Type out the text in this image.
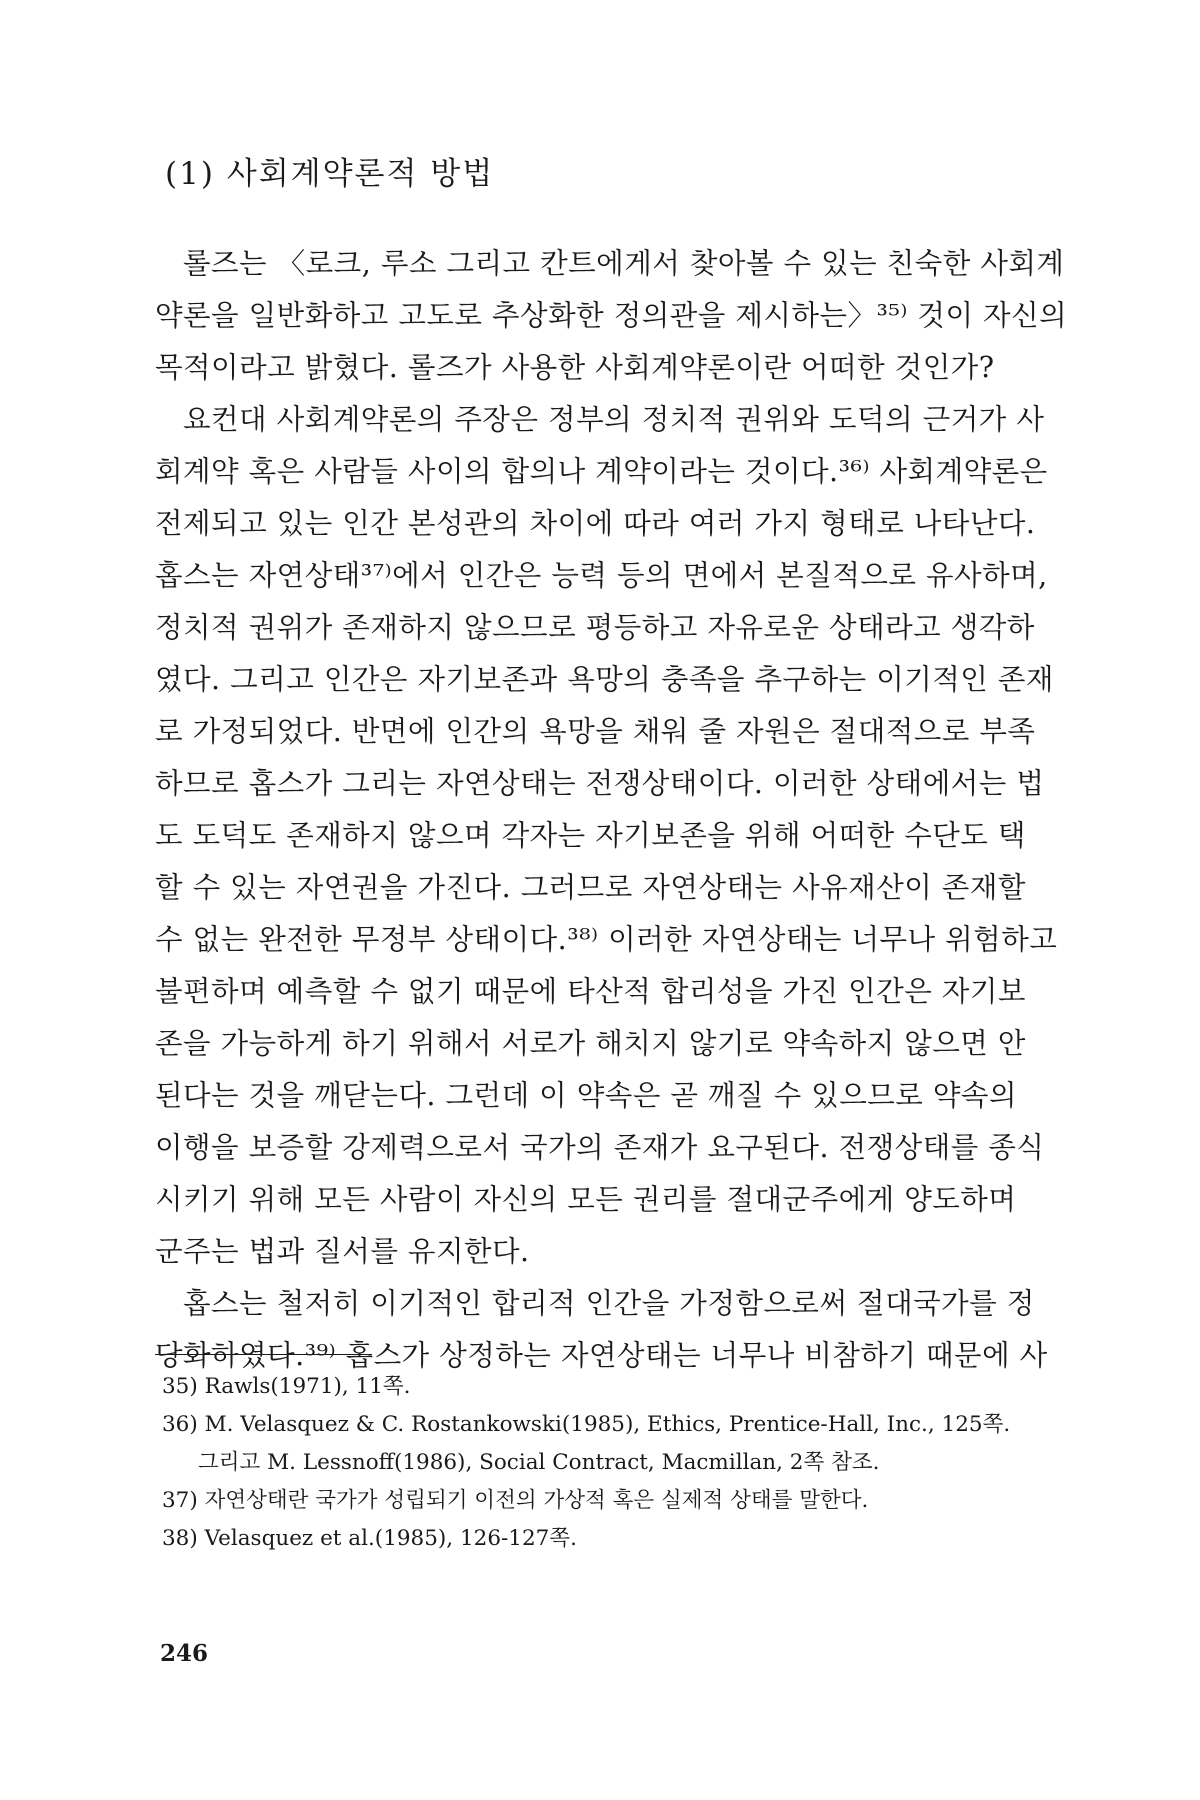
(1) 사회계약론적 방법
롤즈는 〈로크, 루소 그리고 칸트에게서 찾아볼 수 있는 친숙한 사회계
약론을 일반화하고 고도로 추상화한 정의관을 제시하는〉³⁵⁾ 것이 자신의
목적이라고 밝혔다. 롤즈가 사용한 사회계약론이란 어떠한 것인가?
요컨대 사회계약론의 주장은 정부의 정치적 권위와 도덕의 근거가 사
회계약 혹은 사람들 사이의 합의나 계약이라는 것이다.³⁶⁾ 사회계약론은
전제되고 있는 인간 본성관의 차이에 따라 여러 가지 형태로 나타난다.
홉스는 자연상태³⁷⁾에서 인간은 능력 등의 면에서 본질적으로 유사하며,
정치적 권위가 존재하지 않으므로 평등하고 자유로운 상태라고 생각하
였다. 그리고 인간은 자기보존과 욕망의 충족을 추구하는 이기적인 존재
로 가정되었다. 반면에 인간의 욕망을 채워 줄 자원은 절대적으로 부족
하므로 홉스가 그리는 자연상태는 전쟁상태이다. 이러한 상태에서는 법
도 도덕도 존재하지 않으며 각자는 자기보존을 위해 어떠한 수단도 택
할 수 있는 자연권을 가진다. 그러므로 자연상태는 사유재산이 존재할
수 없는 완전한 무정부 상태이다.³⁸⁾ 이러한 자연상태는 너무나 위험하고
불편하며 예측할 수 없기 때문에 타산적 합리성을 가진 인간은 자기보
존을 가능하게 하기 위해서 서로가 해치지 않기로 약속하지 않으면 안
된다는 것을 깨닫는다. 그런데 이 약속은 곧 깨질 수 있으므로 약속의
이행을 보증할 강제력으로서 국가의 존재가 요구된다. 전쟁상태를 종식
시키기 위해 모든 사람이 자신의 모든 권리를 절대군주에게 양도하며
군주는 법과 질서를 유지한다.
홉스는 철저히 이기적인 합리적 인간을 가정함으로써 절대국가를 정
당화하였다.³⁹⁾ 홉스가 상정하는 자연상태는 너무나 비참하기 때문에 사
35) Rawls(1971), 11쪽.
36) M. Velasquez & C. Rostankowski(1985), Ethics, Prentice-Hall, Inc., 125쪽.
그리고 M. Lessnoff(1986), Social Contract, Macmillan, 2쪽 참조.
37) 자연상태란 국가가 성립되기 이전의 가상적 혹은 실제적 상태를 말한다.
38) Velasquez et al.(1985), 126-127쪽.
246
